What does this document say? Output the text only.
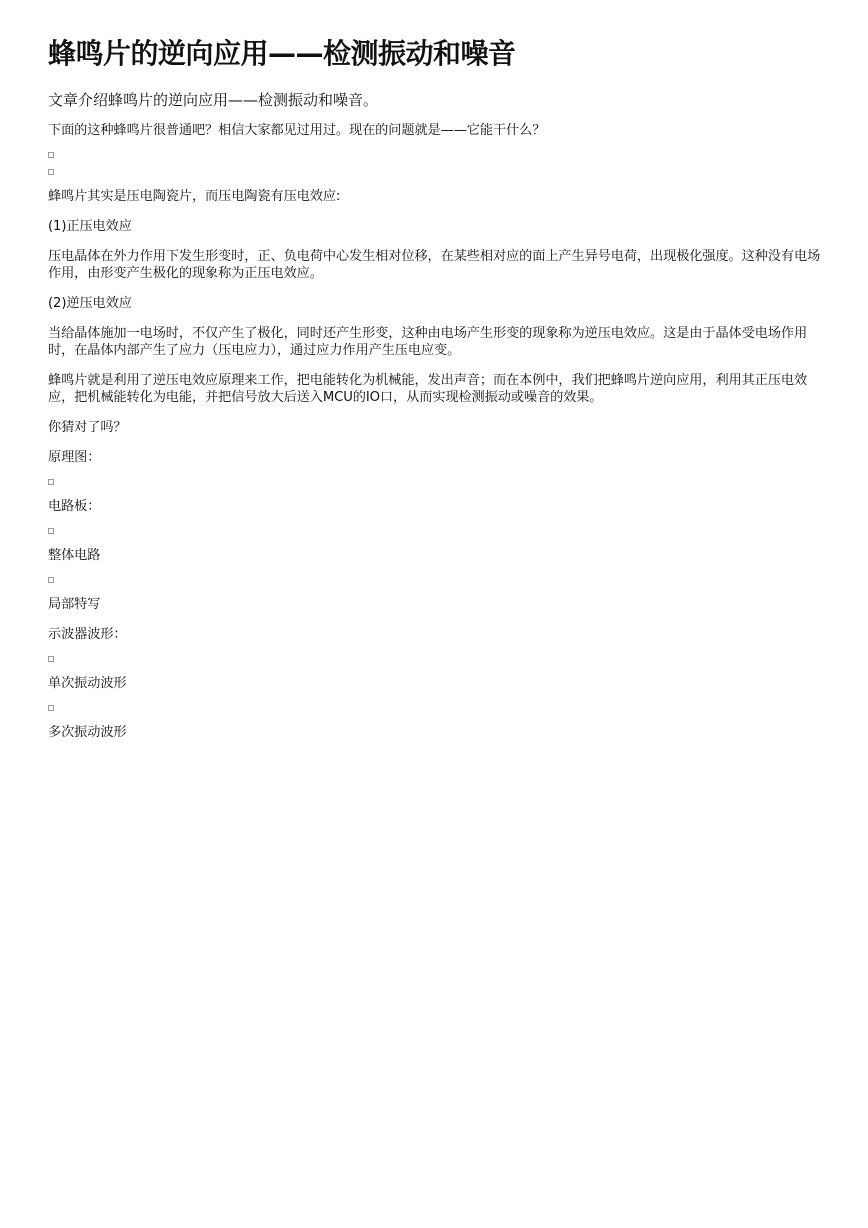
蜂鸣片的逆向应用——检测振动和噪音
文章介绍蜂鸣片的逆向应用——检测振动和噪音。

下面的这种蜂鸣片很普通吧？相信大家都见过用过。现在的问题就是——它能干什么？

蜂鸣片其实是压电陶瓷片，而压电陶瓷有压电效应:

(1)正压电效应

压电晶体在外力作用下发生形变时，正、负电荷中心发生相对位移，在某些相对应的面上产生异号电荷，出现极化强度。这种没有电场作用，由形变产生极化的现象称为正压电效应。

(2)逆压电效应

当给晶体施加一电场时，不仅产生了极化，同时还产生形变，这种由电场产生形变的现象称为逆压电效应。这是由于晶体受电场作用时，在晶体内部产生了应力（压电应力），通过应力作用产生压电应变。

蜂鸣片就是利用了逆压电效应原理来工作，把电能转化为机械能，发出声音；而在本例中，我们把蜂鸣片逆向应用，利用其正压电效应，把机械能转化为电能，并把信号放大后送入MCU的IO口，从而实现检测振动或噪音的效果。

你猜对了吗？

原理图：

电路板：

整体电路

局部特写

示波器波形：

单次振动波形

多次振动波形
